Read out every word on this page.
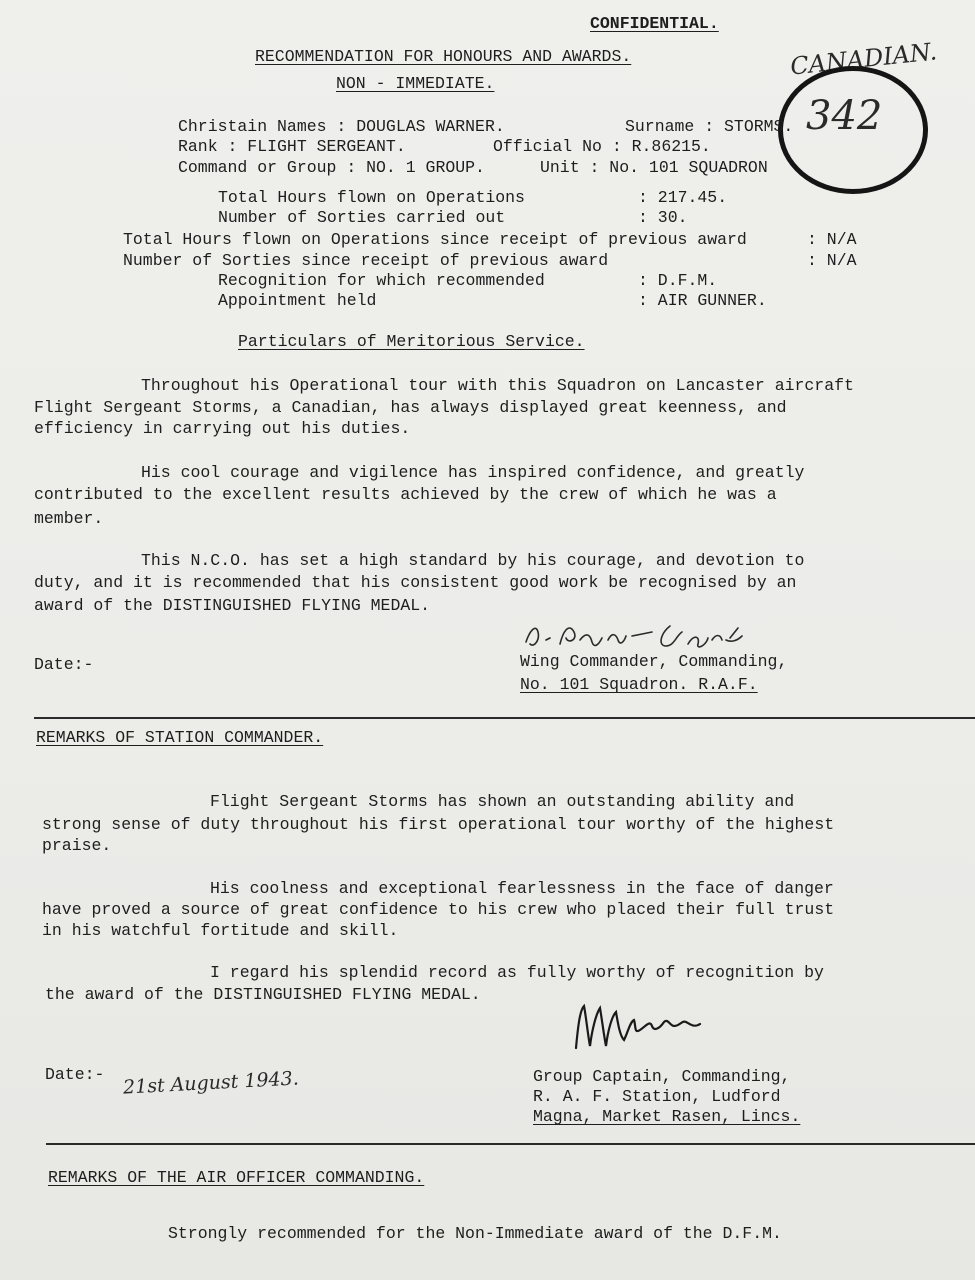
CONFIDENTIAL.
RECOMMENDATION FOR HONOURS AND AWARDS.
NON - IMMEDIATE.
CANADIAN.
342
Christain Names : DOUGLAS WARNER.	Surname : STORMS.
Rank : FLIGHT SERGEANT.	Official No : R.86215.
Command or Group : NO. 1 GROUP.	Unit : No. 101 SQUADRON
Total Hours flown on Operations	: 217.45.
Number of Sorties carried out	: 30.
Total Hours flown on Operations since receipt of previous award	: N/A
Number of Sorties since receipt of previous award	: N/A
Recognition for which recommended	: D.F.M.
Appointment held	: AIR GUNNER.
Particulars of Meritorious Service.
Throughout his Operational tour with this Squadron on Lancaster aircraft
Flight Sergeant Storms, a Canadian, has always displayed great keenness, and
efficiency in carrying out his duties.
His cool courage and vigilence has inspired confidence, and greatly
contributed to the excellent results achieved by the crew of which he was a
member.
This N.C.O. has set a high standard by his courage, and devotion to
duty, and it is recommended that his consistent good work be recognised by an
award of the DISTINGUISHED FLYING MEDAL.
Date:-	Wing Commander, Commanding,
No. 101 Squadron. R.A.F.
REMARKS OF STATION COMMANDER.
Flight Sergeant Storms has shown an outstanding ability and
strong sense of duty throughout his first operational tour worthy of the highest
praise.
His coolness and exceptional fearlessness in the face of danger
have proved a source of great confidence to his crew who placed their full trust
in his watchful fortitude and skill.
I regard his splendid record as fully worthy of recognition by
the award of the DISTINGUISHED FLYING MEDAL.
Date:- 21st August 1943.	Group Captain, Commanding,
R. A. F. Station, Ludford
Magna, Market Rasen, Lincs.
REMARKS OF THE AIR OFFICER COMMANDING.
Strongly recommended for the Non-Immediate award of the D.F.M.
